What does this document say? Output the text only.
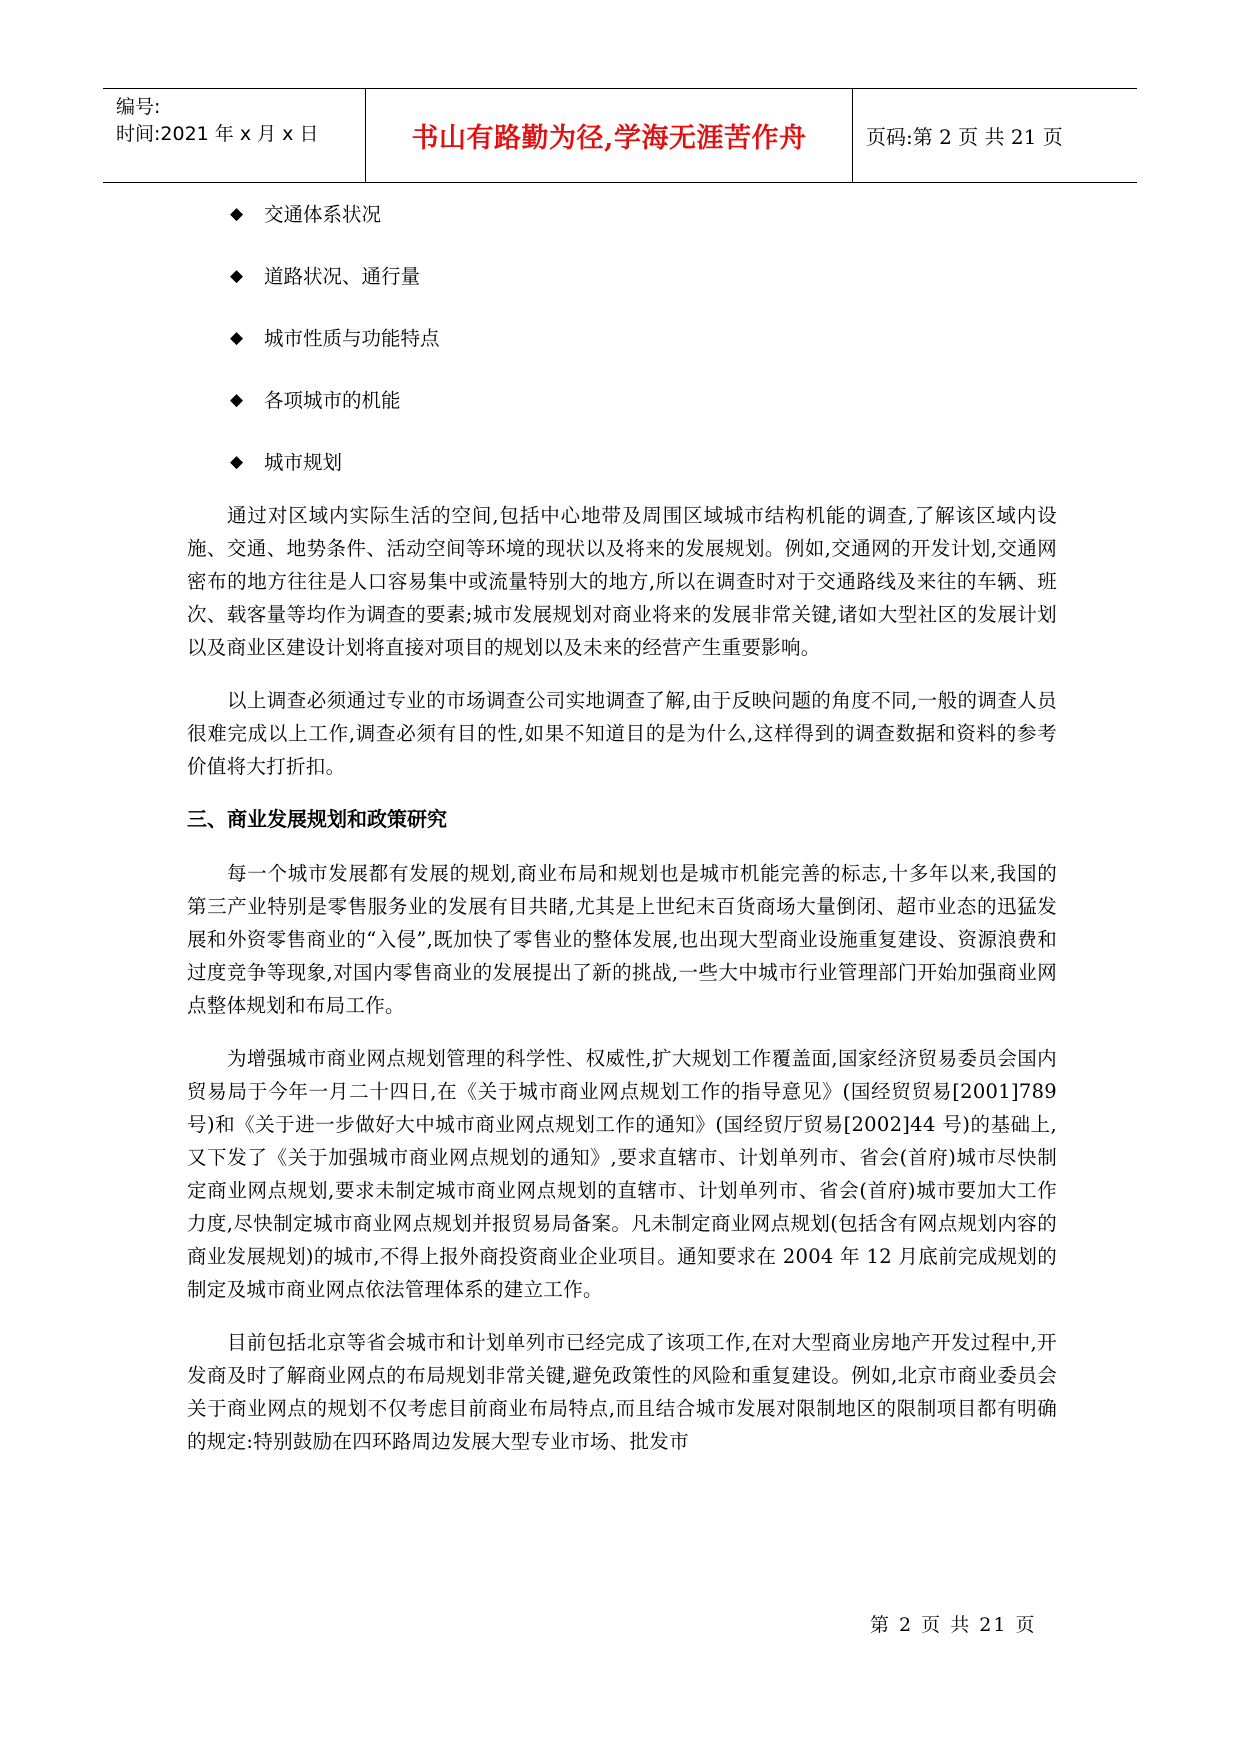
编号:
时间:2021 年 x 月 x 日	书山有路勤为径,学海无涯苦作舟	页码:第 2 页 共 21 页
◆	交通体系状况
◆	道路状况、通行量
◆	城市性质与功能特点
◆	各项城市的机能
◆	城市规划

通过对区域内实际生活的空间,包括中心地带及周围区域城市结构机能的调查,了解该区域内设施、交通、地势条件、活动空间等环境的现状以及将来的发展规划。例如,交通网的开发计划,交通网密布的地方往往是人口容易集中或流量特别大的地方,所以在调查时对于交通路线及来往的车辆、班次、载客量等均作为调查的要素;城市发展规划对商业将来的发展非常关键,诸如大型社区的发展计划以及商业区建设计划将直接对项目的规划以及未来的经营产生重要影响。

以上调查必须通过专业的市场调查公司实地调查了解,由于反映问题的角度不同,一般的调查人员很难完成以上工作,调查必须有目的性,如果不知道目的是为什么,这样得到的调查数据和资料的参考价值将大打折扣。

三、商业发展规划和政策研究

每一个城市发展都有发展的规划,商业布局和规划也是城市机能完善的标志,十多年以来,我国的第三产业特别是零售服务业的发展有目共睹,尤其是上世纪末百货商场大量倒闭、超市业态的迅猛发展和外资零售商业的“入侵”,既加快了零售业的整体发展,也出现大型商业设施重复建设、资源浪费和过度竞争等现象,对国内零售商业的发展提出了新的挑战,一些大中城市行业管理部门开始加强商业网点整体规划和布局工作。

为增强城市商业网点规划管理的科学性、权威性,扩大规划工作覆盖面,国家经济贸易委员会国内贸易局于今年一月二十四日,在《关于城市商业网点规划工作的指导意见》(国经贸贸易[2001]789 号)和《关于进一步做好大中城市商业网点规划工作的通知》(国经贸厅贸易[2002]44 号)的基础上,又下发了《关于加强城市商业网点规划的通知》,要求直辖市、计划单列市、省会(首府)城市尽快制定商业网点规划,要求未制定城市商业网点规划的直辖市、计划单列市、省会(首府)城市要加大工作力度,尽快制定城市商业网点规划并报贸易局备案。凡未制定商业网点规划(包括含有网点规划内容的商业发展规划)的城市,不得上报外商投资商业企业项目。通知要求在 2004 年 12 月底前完成规划的制定及城市商业网点依法管理体系的建立工作。

目前包括北京等省会城市和计划单列市已经完成了该项工作,在对大型商业房地产开发过程中,开发商及时了解商业网点的布局规划非常关键,避免政策性的风险和重复建设。例如,北京市商业委员会关于商业网点的规划不仅考虑目前商业布局特点,而且结合城市发展对限制地区的限制项目都有明确的规定:特别鼓励在四环路周边发展大型专业市场、批发市

第 2 页 共 21 页
